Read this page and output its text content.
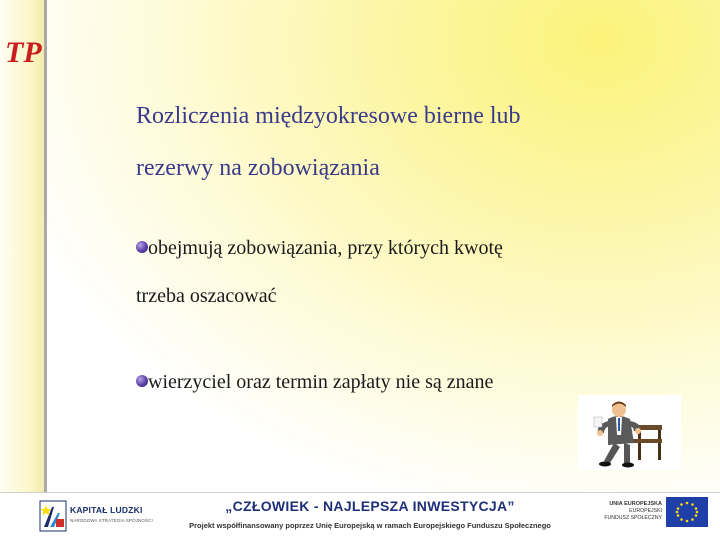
TP
Rozliczenia międzyokresowe bierne lub
rezerwy na zobowiązania
obejmują zobowiązania, przy których kwotę
trzeba oszacować
wierzyciel oraz termin zapłaty nie są znane
KAPITAŁ LUDZKI
NARODOWA STRATEGIA SPÓJNOŚCI
„CZŁOWIEK - NAJLEPSZA INWESTYCJA”
Projekt współfinansowany poprzez Unię Europejską w ramach Europejskiego Funduszu Społecznego
UNIA EUROPEJSKA
EUROPEJSKI
FUNDUSZ SPOŁECZNY
